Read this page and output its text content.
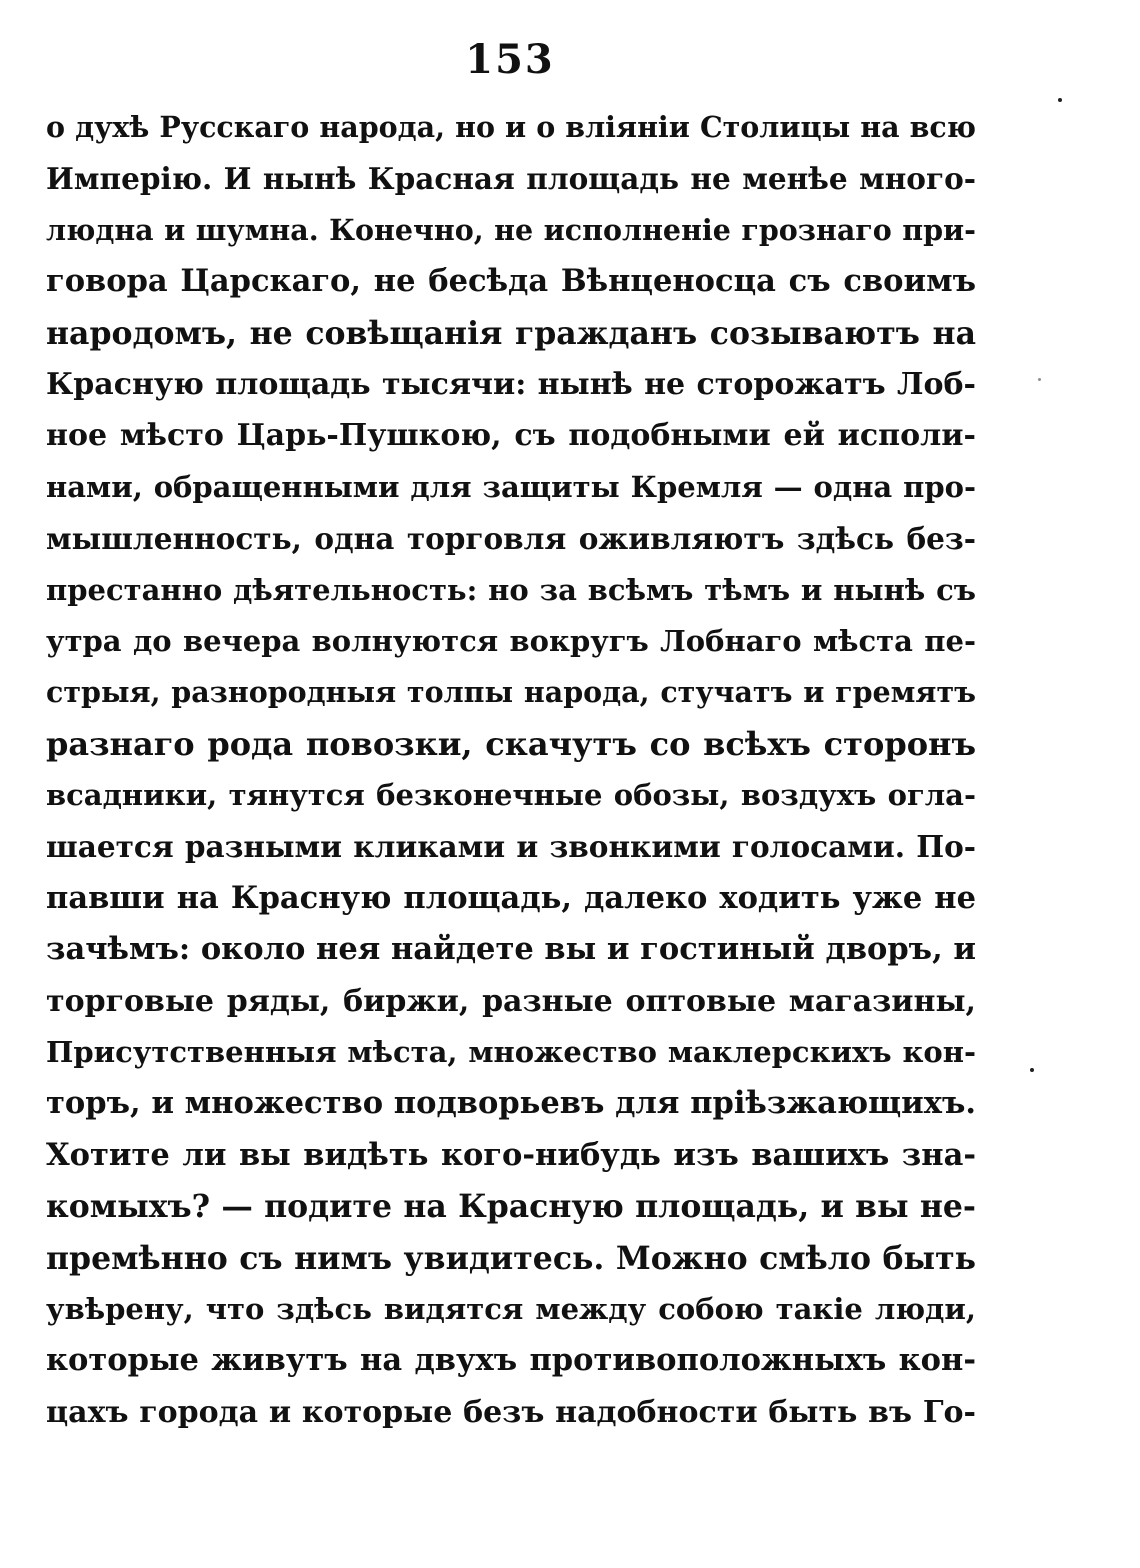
153
о духѣ Русскаго народа, но и о вліяніи Столицы на всю
Имперію. И нынѣ Красная площадь не менѣе много-
людна и шумна. Конечно, не исполненіе грознаго при-
говора Царскаго, не бесѣда Вѣнценосца съ своимъ
народомъ, не совѣщанія гражданъ созываютъ на
Красную площадь тысячи: нынѣ не сторожатъ Лоб-
ное мѣсто Царь-Пушкою, съ подобными ей исполи-
нами, обращенными для защиты Кремля — одна про-
мышленность, одна торговля оживляютъ здѣсь без-
престанно дѣятельность: но за всѣмъ тѣмъ и нынѣ съ
утра до вечера волнуются вокругъ Лобнаго мѣста пе-
стрыя, разнородныя толпы народа, стучатъ и гремятъ
разнаго рода повозки, скачутъ со всѣхъ сторонъ
всадники, тянутся безконечные обозы, воздухъ огла-
шается разными кликами и звонкими голосами. По-
павши на Красную площадь, далеко ходить уже не
зачѣмъ: около нея найдете вы и гостиный дворъ, и
торговые ряды, биржи, разные оптовые магазины,
Присутственныя мѣста, множество маклерскихъ кон-
торъ, и множество подворьевъ для пріѣзжающихъ.
Хотите ли вы видѣть кого-нибудь изъ вашихъ зна-
комыхъ? — подите на Красную площадь, и вы не-
премѣнно съ нимъ увидитесь. Можно смѣло быть
увѣрену, что здѣсь видятся между собою такіе люди,
которые живутъ на двухъ противоположныхъ кон-
цахъ города и которые безъ надобности быть въ Го-
